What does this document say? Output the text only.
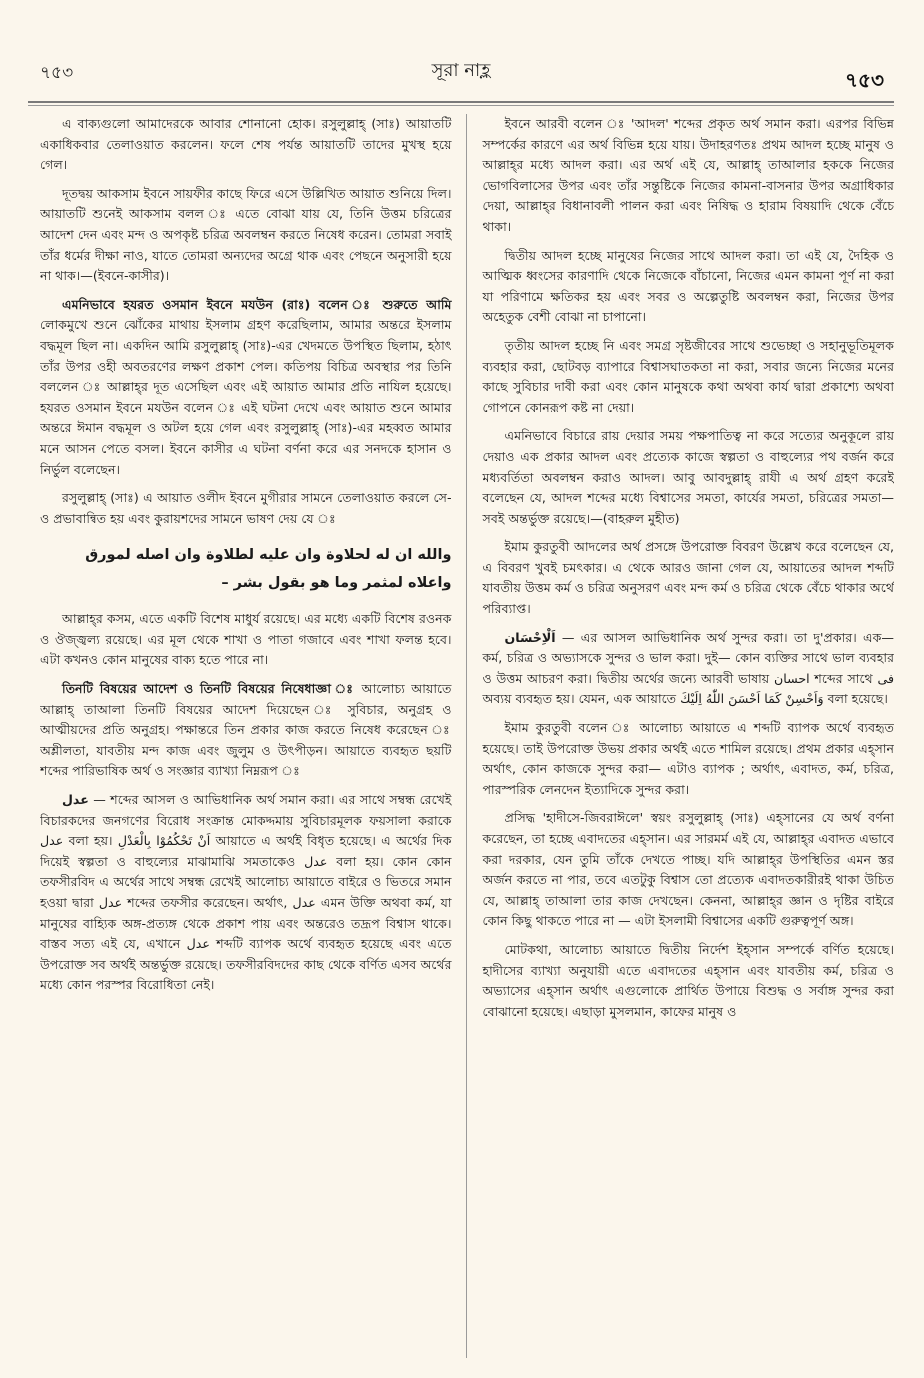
৭৫৩	সূরা নাহ্ল	৭৫৩

এ বাক্যগুলো আমাদেরকে আবার শোনানো হোক। রসুলুল্লাহ্ (সাঃ) আয়াতটি একাধিকবার তেলাওয়াত করলেন। ফলে শেষ পর্যন্ত আয়াতটি তাদের মুখস্থ হয়ে গেল।

দূতদ্বয় আকসাম ইবনে সায়ফীর কাছে ফিরে এসে উল্লিখিত আয়াত শুনিয়ে দিল। আয়াতটি শুনেই আকসাম বলল ঃ এতে বোঝা যায় যে, তিনি উত্তম চরিত্রের আদেশ দেন এবং মন্দ ও অপকৃষ্ট চরিত্র অবলম্বন করতে নিষেধ করেন। তোমরা সবাই তাঁর ধর্মের দীক্ষা নাও, যাতে তোমরা অন্যদের অগ্রে থাক এবং পেছনে অনুসারী হয়ে না থাক।—(ইবনে-কাসীর)।

এমনিভাবে হযরত ওসমান ইবনে মযউন (রাঃ) বলেন ঃ শুরুতে আমি লোকমুখে শুনে ঝোঁকের মাথায় ইসলাম গ্রহণ করেছিলাম, আমার অন্তরে ইসলাম বদ্ধমূল ছিল না। একদিন আমি রসুলুল্লাহ্ (সাঃ)-এর খেদমতে উপস্থিত ছিলাম, হঠাৎ তাঁর উপর ওহী অবতরণের লক্ষণ প্রকাশ পেল। কতিপয় বিচিত্র অবস্থার পর তিনি বললেন ঃ আল্লাহ্‌র দূত এসেছিল এবং এই আয়াত আমার প্রতি নাযিল হয়েছে। হযরত ওসমান ইবনে মযউন বলেন ঃ এই ঘটনা দেখে এবং আয়াত শুনে আমার অন্তরে ঈমান বদ্ধমূল ও অটল হয়ে গেল এবং রসুলুল্লাহ্ (সাঃ)-এর মহব্বত আমার মনে আসন পেতে বসল। ইবনে কাসীর এ ঘটনা বর্ণনা করে এর সনদকে হাসান ও নির্ভুল বলেছেন।

রসুলুল্লাহ্ (সাঃ) এ আয়াত ওলীদ ইবনে মুগীরার সামনে তেলাওয়াত করলে সে-ও প্রভাবান্বিত হয় এবং কুরায়শদের সামনে ভাষণ দেয় যে ঃ

والله ان له لحلاوة وان عليه لطلاوة وان اصله لمورق واعلاه لمثمر وما هو بقول بشر –

আল্লাহ্‌র কসম, এতে একটি বিশেষ মাধুর্য রয়েছে। এর মধ্যে একটি বিশেষ রওনক ও ঔজ্জ্বল্য রয়েছে। এর মূল থেকে শাখা ও পাতা গজাবে এবং শাখা ফলন্ত হবে। এটা কখনও কোন মানুষের বাক্য হতে পারে না।

তিনটি বিষয়ের আদেশ ও তিনটি বিষয়ের নিষেধাজ্ঞা ঃ আলোচ্য আয়াতে আল্লাহ্ তাআলা তিনটি বিষয়ের আদেশ দিয়েছেন ঃ সুবিচার, অনুগ্রহ ও আত্মীয়দের প্রতি অনুগ্রহ। পক্ষান্তরে তিন প্রকার কাজ করতে নিষেধ করেছেন ঃ অশ্লীলতা, যাবতীয় মন্দ কাজ এবং জুলুম ও উৎপীড়ন। আয়াতে ব্যবহৃত ছয়টি শব্দের পারিভাষিক অর্থ ও সংজ্ঞার ব্যাখ্যা নিম্নরূপ ঃ

عدل — শব্দের আসল ও আভিধানিক অর্থ সমান করা। এর সাথে সম্বন্ধ রেখেই বিচারকদের জনগণের বিরোধ সংক্রান্ত মোকদ্দমায় সুবিচারমূলক ফয়সালা করাকে عدل বলা হয়। اَنْ تَحْكُمُوْا بِالْعَدْلِ আয়াতে এ অর্থই বিধৃত হয়েছে। এ অর্থের দিক দিয়েই স্বল্পতা ও বাহুল্যের মাঝামাঝি সমতাকেও عدل বলা হয়। কোন কোন তফসীরবিদ এ অর্থের সাথে সম্বন্ধ রেখেই আলোচ্য আয়াতে বাইরে ও ভিতরে সমান হওয়া দ্বারা عدل শব্দের তফসীর করেছেন। অর্থাৎ, عدل এমন উক্তি অথবা কর্ম, যা মানুষের বাহ্যিক অঙ্গ-প্রত্যঙ্গ থেকে প্রকাশ পায় এবং অন্তরেও তদ্রূপ বিশ্বাস থাকে। বাস্তব সত্য এই যে, এখানে عدل শব্দটি ব্যাপক অর্থে ব্যবহৃত হয়েছে এবং এতে উপরোক্ত সব অর্থই অন্তর্ভুক্ত রয়েছে। তফসীরবিদদের কাছ থেকে বর্ণিত এসব অর্থের মধ্যে কোন পরস্পর বিরোধিতা নেই।

ইবনে আরবী বলেন ঃ 'আদল' শব্দের প্রকৃত অর্থ সমান করা। এরপর বিভিন্ন সম্পর্কের কারণে এর অর্থ বিভিন্ন হয়ে যায়। উদাহরণতঃ প্রথম আদল হচ্ছে মানুষ ও আল্লাহ্‌র মধ্যে আদল করা। এর অর্থ এই যে, আল্লাহ্ তাআলার হককে নিজের ভোগবিলাসের উপর এবং তাঁর সন্তুষ্টিকে নিজের কামনা-বাসনার উপর অগ্রাধিকার দেয়া, আল্লাহ্‌র বিধানাবলী পালন করা এবং নিষিদ্ধ ও হারাম বিষয়াদি থেকে বেঁচে থাকা।

দ্বিতীয় আদল হচ্ছে মানুষের নিজের সাথে আদল করা। তা এই যে, দৈহিক ও আত্মিক ধ্বংসের কারণাদি থেকে নিজেকে বাঁচানো, নিজের এমন কামনা পূর্ণ না করা যা পরিণামে ক্ষতিকর হয় এবং সবর ও অল্পেতুষ্টি অবলম্বন করা, নিজের উপর অহেতুক বেশী বোঝা না চাপানো।

তৃতীয় আদল হচ্ছে নি এবং সমগ্র সৃষ্টজীবের সাথে শুভেচ্ছা ও সহানুভূতিমূলক ব্যবহার করা, ছোটবড় ব্যাপারে বিশ্বাসঘাতকতা না করা, সবার জন্যে নিজের মনের কাছে সুবিচার দাবী করা এবং কোন মানুষকে কথা অথবা কার্য দ্বারা প্রকাশ্যে অথবা গোপনে কোনরূপ কষ্ট না দেয়া।

এমনিভাবে বিচারে রায় দেয়ার সময় পক্ষপাতিত্ব না করে সত্যের অনুকূলে রায় দেয়াও এক প্রকার আদল এবং প্রত্যেক কাজে স্বল্পতা ও বাহুল্যের পথ বর্জন করে মধ্যবর্তিতা অবলম্বন করাও আদল। আবু আবদুল্লাহ্ রাযী এ অর্থ গ্রহণ করেই বলেছেন যে, আদল শব্দের মধ্যে বিশ্বাসের সমতা, কার্যের সমতা, চরিত্রের সমতা—সবই অন্তর্ভুক্ত রয়েছে।—(বাহরুল মুহীত)

ইমাম কুরতুবী আদলের অর্থ প্রসঙ্গে উপরোক্ত বিবরণ উল্লেখ করে বলেছেন যে, এ বিবরণ খুবই চমৎকার। এ থেকে আরও জানা গেল যে, আয়াতের আদল শব্দটি যাবতীয় উত্তম কর্ম ও চরিত্র অনুসরণ এবং মন্দ কর্ম ও চরিত্র থেকে বেঁচে থাকার অর্থে পরিব্যাপ্ত।

اَلْاِحْسَان — এর আসল আভিধানিক অর্থ সুন্দর করা। তা দু'প্রকার। এক— কর্ম, চরিত্র ও অভ্যাসকে সুন্দর ও ভাল করা। দুই— কোন ব্যক্তির সাথে ভাল ব্যবহার ও উত্তম আচরণ করা। দ্বিতীয় অর্থের জন্যে আরবী ভাষায় احسان শব্দের সাথে فى অব্যয় ব্যবহৃত হয়। যেমন, এক আয়াতে وَاَحْسِنْ كَمَا اَحْسَنَ اللّٰهُ اِلَيْكَ বলা হয়েছে।

ইমাম কুরতুবী বলেন ঃ আলোচ্য আয়াতে এ শব্দটি ব্যাপক অর্থে ব্যবহৃত হয়েছে। তাই উপরোক্ত উভয় প্রকার অর্থই এতে শামিল রয়েছে। প্রথম প্রকার এহ্সান অর্থাৎ, কোন কাজকে সুন্দর করা— এটাও ব্যাপক ; অর্থাৎ, এবাদত, কর্ম, চরিত্র, পারস্পরিক লেনদেন ইত্যাদিকে সুন্দর করা।

প্রসিদ্ধ 'হাদীসে-জিবরাঈলে' স্বয়ং রসুলুল্লাহ্ (সাঃ) এহ্সানের যে অর্থ বর্ণনা করেছেন, তা হচ্ছে এবাদতের এহ্সান। এর সারমর্ম এই যে, আল্লাহ্‌র এবাদত এভাবে করা দরকার, যেন তুমি তাঁকে দেখতে পাচ্ছ। যদি আল্লাহ্‌র উপস্থিতির এমন স্তর অর্জন করতে না পার, তবে এতটুকু বিশ্বাস তো প্রত্যেক এবাদতকারীরই থাকা উচিত যে, আল্লাহ্ তাআলা তার কাজ দেখছেন। কেননা, আল্লাহ্‌র জ্ঞান ও দৃষ্টির বাইরে কোন কিছু থাকতে পারে না — এটা ইসলামী বিশ্বাসের একটি গুরুত্বপূর্ণ অঙ্গ।

মোটকথা, আলোচ্য আয়াতে দ্বিতীয় নির্দেশ ইহ্সান সম্পর্কে বর্ণিত হয়েছে। হাদীসের ব্যাখ্যা অনুযায়ী এতে এবাদতের এহ্সান এবং যাবতীয় কর্ম, চরিত্র ও অভ্যাসের এহ্সান অর্থাৎ এগুলোকে প্রার্থিত উপায়ে বিশুদ্ধ ও সর্বাঙ্গ সুন্দর করা বোঝানো হয়েছে। এছাড়া মুসলমান, কাফের মানুষ ও
